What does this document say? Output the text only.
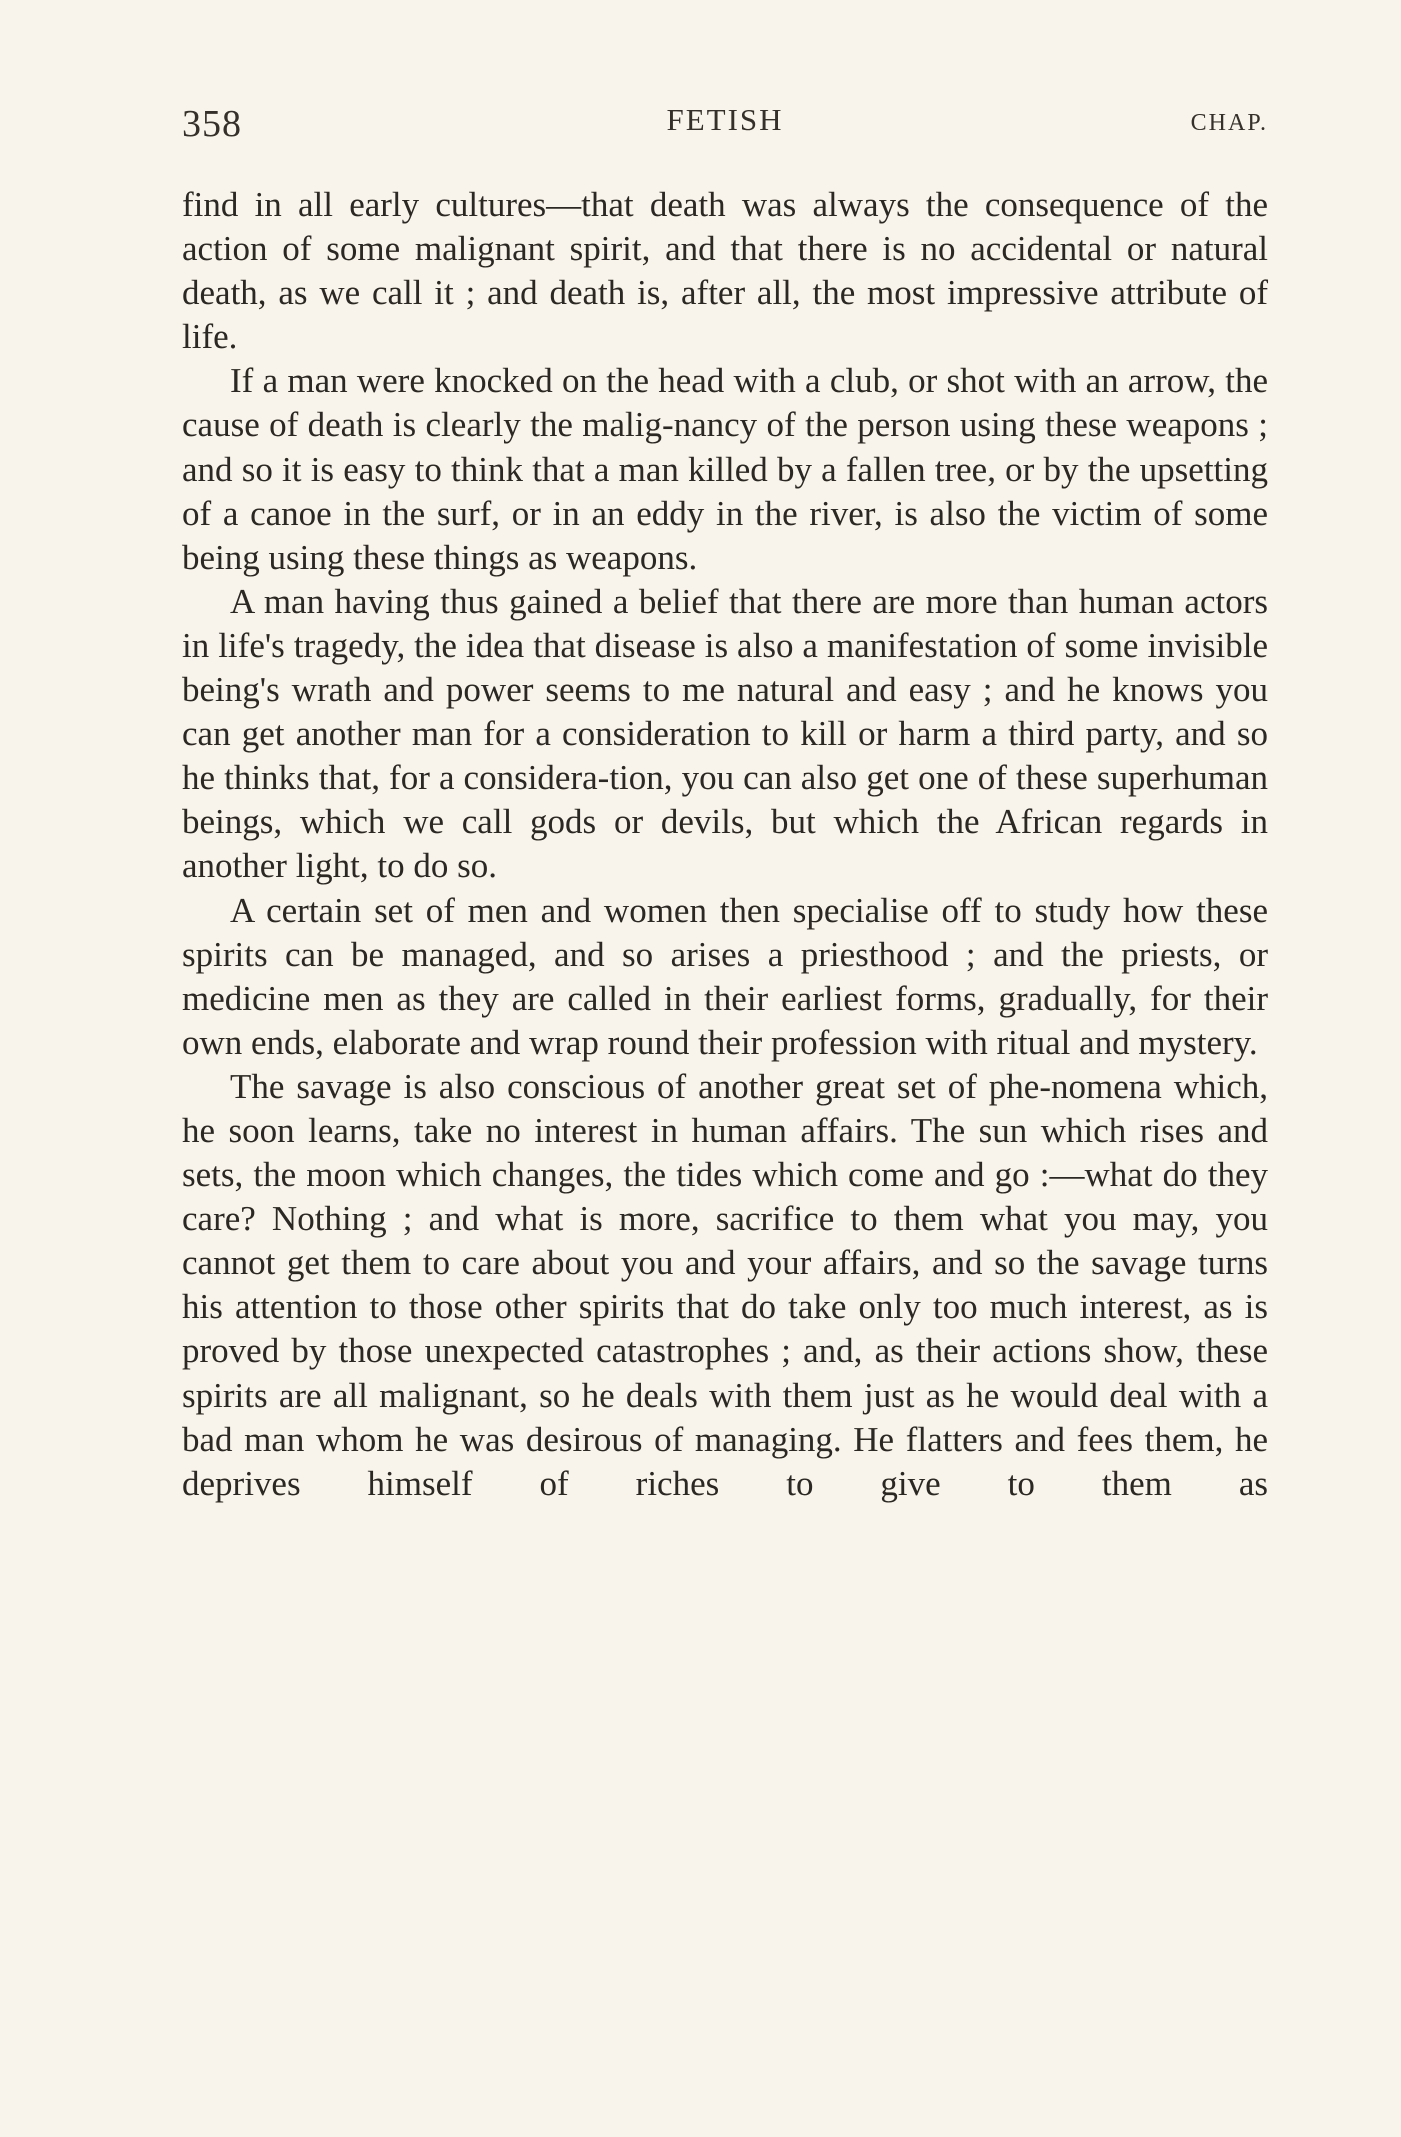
358	FETISH	CHAP.

find in all early cultures—that death was always the consequence of the action of some malignant spirit, and that there is no accidental or natural death, as we call it ; and death is, after all, the most impressive attribute of life.

If a man were knocked on the head with a club, or shot with an arrow, the cause of death is clearly the malig-nancy of the person using these weapons ; and so it is easy to think that a man killed by a fallen tree, or by the upsetting of a canoe in the surf, or in an eddy in the river, is also the victim of some being using these things as weapons.

A man having thus gained a belief that there are more than human actors in life's tragedy, the idea that disease is also a manifestation of some invisible being's wrath and power seems to me natural and easy ; and he knows you can get another man for a consideration to kill or harm a third party, and so he thinks that, for a considera-tion, you can also get one of these superhuman beings, which we call gods or devils, but which the African regards in another light, to do so.

A certain set of men and women then specialise off to study how these spirits can be managed, and so arises a priesthood ; and the priests, or medicine men as they are called in their earliest forms, gradually, for their own ends, elaborate and wrap round their profession with ritual and mystery.

The savage is also conscious of another great set of phe-nomena which, he soon learns, take no interest in human affairs. The sun which rises and sets, the moon which changes, the tides which come and go :—what do they care? Nothing ; and what is more, sacrifice to them what you may, you cannot get them to care about you and your affairs, and so the savage turns his attention to those other spirits that do take only too much interest, as is proved by those unexpected catastrophes ; and, as their actions show, these spirits are all malignant, so he deals with them just as he would deal with a bad man whom he was desirous of managing. He flatters and fees them, he deprives himself of riches to give to them as
